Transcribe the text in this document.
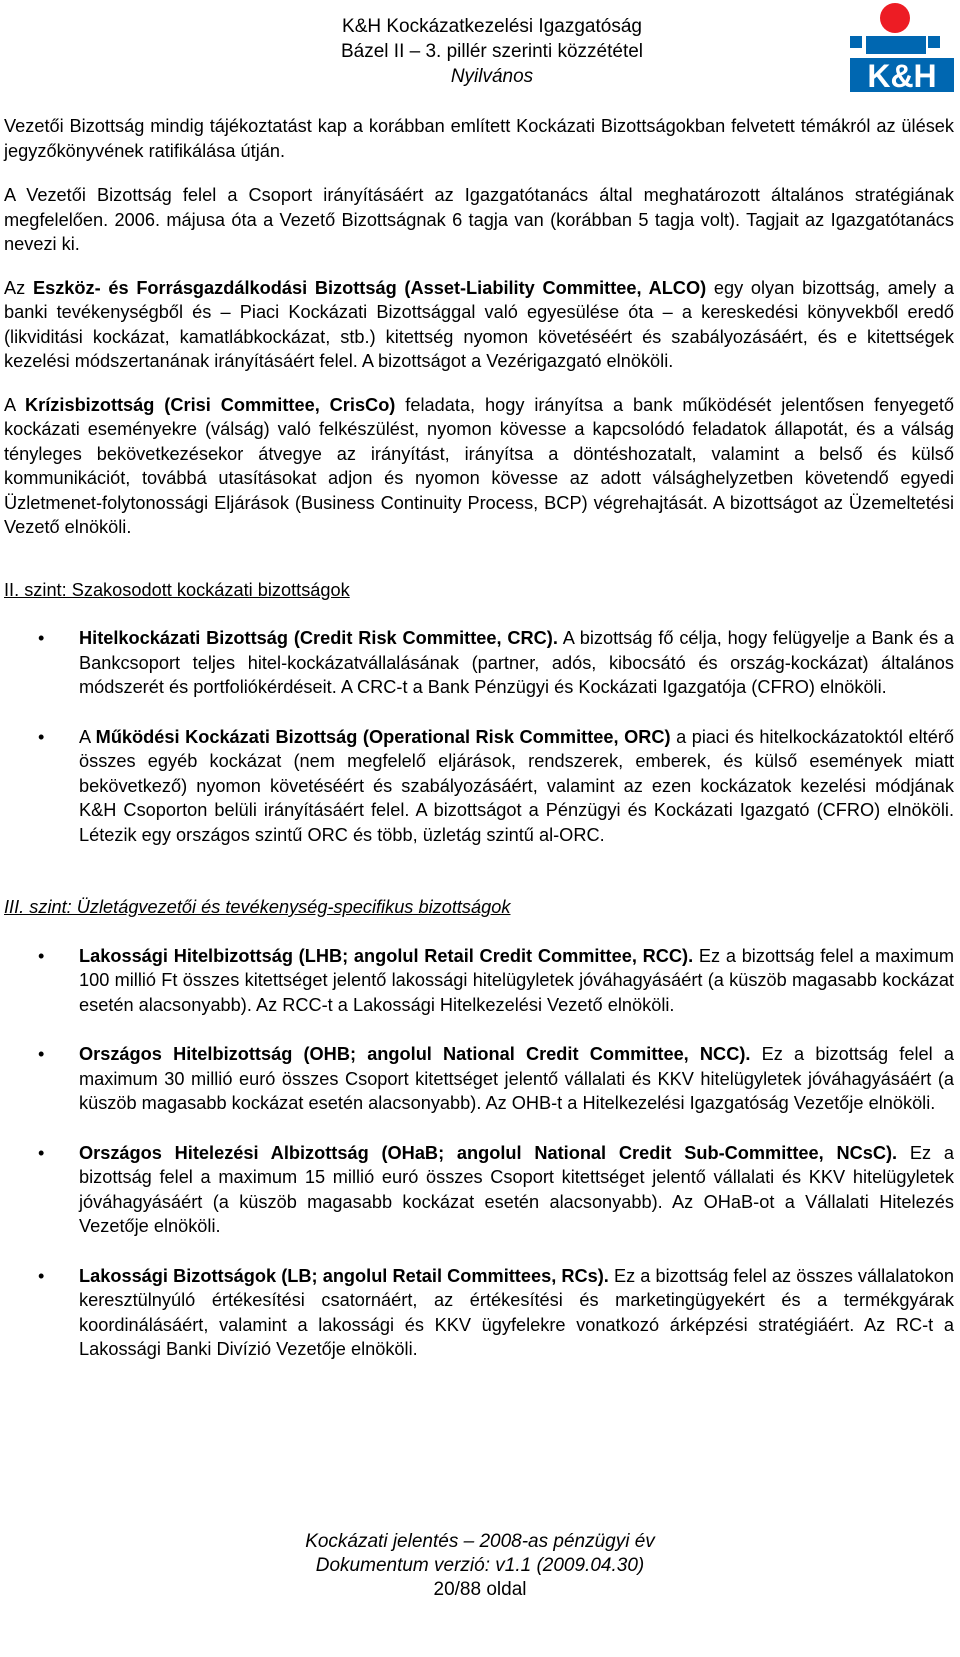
K&H Kockázatkezelési Igazgatóság
Bázel II – 3. pillér szerinti közzététel
Nyilvános	K&H

Vezetői Bizottság mindig tájékoztatást kap a korábban említett Kockázati Bizottságokban felvetett témákról az ülések jegyzőkönyvének ratifikálása útján.

A Vezetői Bizottság felel a Csoport irányításáért az Igazgatótanács által meghatározott általános stratégiának megfelelően. 2006. májusa óta a Vezető Bizottságnak 6 tagja van (korábban 5 tagja volt). Tagjait az Igazgatótanács nevezi ki.

Az Eszköz- és Forrásgazdálkodási Bizottság (Asset-Liability Committee, ALCO) egy olyan bizottság, amely a banki tevékenységből és – Piaci Kockázati Bizottsággal való egyesülése óta – a kereskedési könyvekből eredő (likviditási kockázat, kamatlábkockázat, stb.) kitettség nyomon követéséért és szabályozásáért, és e kitettségek kezelési módszertanának irányításáért felel. A bizottságot a Vezérigazgató elnököli.

A Krízisbizottság (Crisi Committee, CrisCo) feladata, hogy irányítsa a bank működését jelentősen fenyegető kockázati eseményekre (válság) való felkészülést, nyomon kövesse a kapcsolódó feladatok állapotát, és a válság tényleges bekövetkezésekor átvegye az irányítást, irányítsa a döntéshozatalt, valamint a belső és külső kommunikációt, továbbá utasításokat adjon és nyomon kövesse az adott válsághelyzetben követendő egyedi Üzletmenet-folytonossági Eljárások (Business Continuity Process, BCP) végrehajtását. A bizottságot az Üzemeltetési Vezető elnököli.

II. szint: Szakosodott kockázati bizottságok

• Hitelkockázati Bizottság (Credit Risk Committee, CRC). A bizottság fő célja, hogy felügyelje a Bank és a Bankcsoport teljes hitel-kockázatvállalásának (partner, adós, kibocsátó és ország-kockázat) általános módszerét és portfoliókérdéseit. A CRC-t a Bank Pénzügyi és Kockázati Igazgatója (CFRO) elnököli.
• A Működési Kockázati Bizottság (Operational Risk Committee, ORC) a piaci és hitelkockázatoktól eltérő összes egyéb kockázat (nem megfelelő eljárások, rendszerek, emberek, és külső események miatt bekövetkező) nyomon követéséért és szabályozásáért, valamint az ezen kockázatok kezelési módjának K&H Csoporton belüli irányításáért felel. A bizottságot a Pénzügyi és Kockázati Igazgató (CFRO) elnököli. Létezik egy országos szintű ORC és több, üzletág szintű al-ORC.

III. szint: Üzletágvezetői és tevékenység-specifikus bizottságok

• Lakossági Hitelbizottság (LHB; angolul Retail Credit Committee, RCC). Ez a bizottság felel a maximum 100 millió Ft összes kitettséget jelentő lakossági hitelügyletek jóváhagyásáért (a küszöb magasabb kockázat esetén alacsonyabb). Az RCC-t a Lakossági Hitelkezelési Vezető elnököli.
• Országos Hitelbizottság (OHB; angolul National Credit Committee, NCC). Ez a bizottság felel a maximum 30 millió euró összes Csoport kitettséget jelentő vállalati és KKV hitelügyletek jóváhagyásáért (a küszöb magasabb kockázat esetén alacsonyabb). Az OHB-t a Hitelkezelési Igazgatóság Vezetője elnököli.
• Országos Hitelezési Albizottság (OHaB; angolul National Credit Sub-Committee, NCsC). Ez a bizottság felel a maximum 15 millió euró összes Csoport kitettséget jelentő vállalati és KKV hitelügyletek jóváhagyásáért (a küszöb magasabb kockázat esetén alacsonyabb). Az OHaB-ot a Vállalati Hitelezés Vezetője elnököli.
• Lakossági Bizottságok (LB; angolul Retail Committees, RCs). Ez a bizottság felel az összes vállalatokon keresztülnyúló értékesítési csatornáért, az értékesítési és marketingügyekért és a termékgyárak koordinálásáért, valamint a lakossági és KKV ügyfelekre vonatkozó árképzési stratégiáért. Az RC-t a Lakossági Banki Divízió Vezetője elnököli.
Kockázati jelentés – 2008-as pénzügyi év
Dokumentum verzió: v1.1 (2009.04.30)
20/88 oldal
